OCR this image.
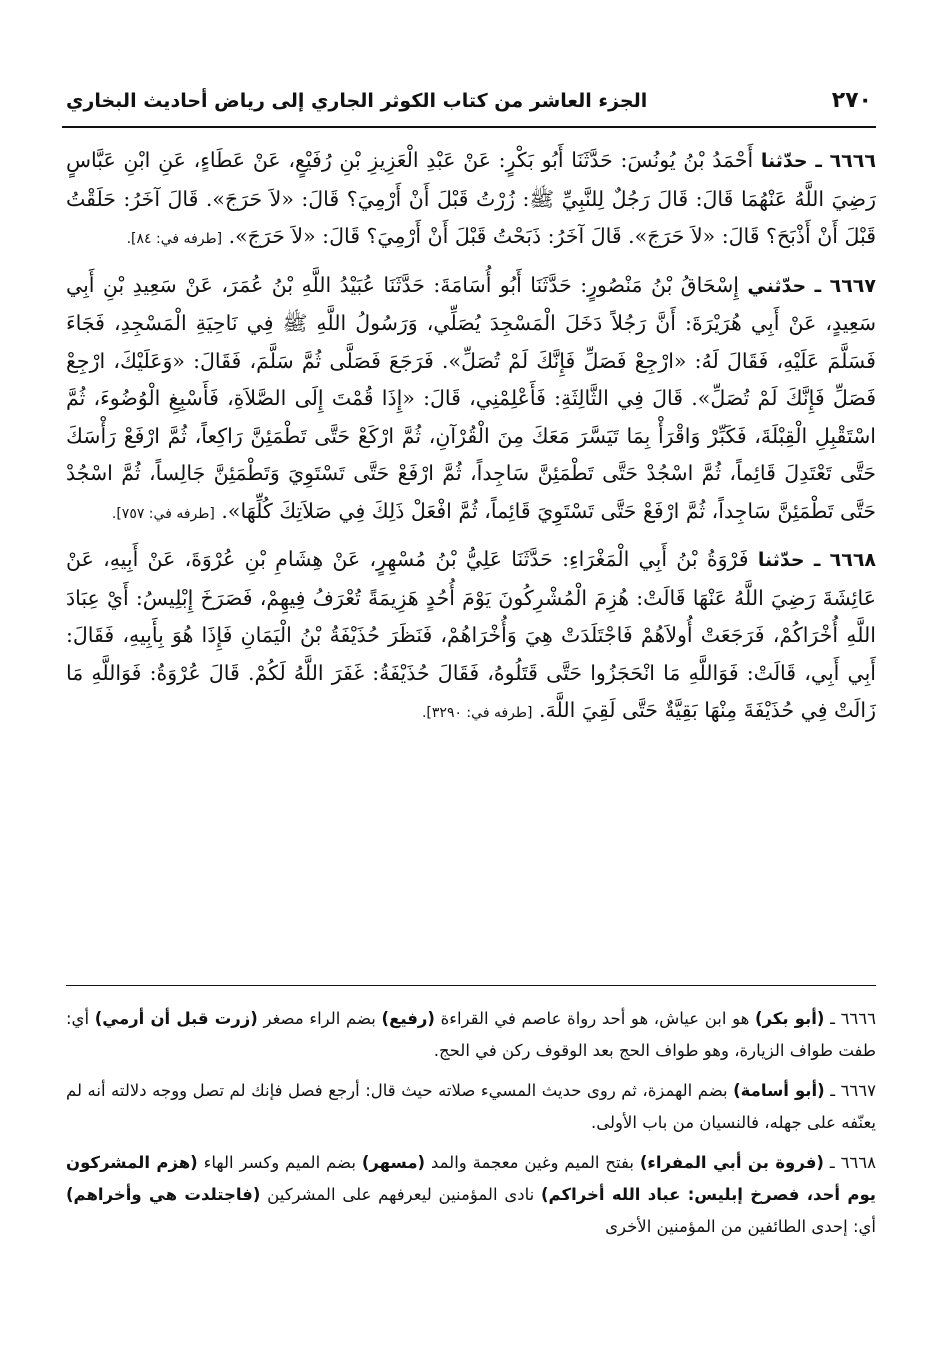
٢٧٠
الجزء العاشر من كتاب الكوثر الجاري إلى رياض أحاديث البخاري

٦٦٦٦ ـ حدّثنا أَحْمَدُ بْنُ يُونُسَ: حَدَّثَنَا أَبُو بَكْرٍ: عَنْ عَبْدِ الْعَزِيزِ بْنِ رُفَيْعٍ، عَنْ عَطَاءٍ، عَنِ ابْنِ عَبَّاسٍ رَضِيَ اللَّهُ عَنْهُمَا قَالَ: قَالَ رَجُلٌ لِلنَّبِيِّ ﷺ: زُرْتُ قَبْلَ أَنْ أَرْمِيَ؟ قَالَ: «لاَ حَرَجَ». قَالَ آخَرُ: حَلَقْتُ قَبْلَ أَنْ أَذْبَحَ؟ قَالَ: «لاَ حَرَجَ». قَالَ آخَرُ: ذَبَحْتُ قَبْلَ أَنْ أَرْمِيَ؟ قَالَ: «لاَ حَرَجَ». [طرفه في: ٨٤].

٦٦٦٧ ـ حدّثني إِسْحَاقُ بْنُ مَنْصُورٍ: حَدَّثَنَا أَبُو أُسَامَةَ: حَدَّثَنَا عُبَيْدُ اللَّهِ بْنُ عُمَرَ، عَنْ سَعِيدِ بْنِ أَبِي سَعِيدٍ، عَنْ أَبِي هُرَيْرَةَ: أَنَّ رَجُلاً دَخَلَ الْمَسْجِدَ يُصَلِّي، وَرَسُولُ اللَّهِ ﷺ فِي نَاحِيَةِ الْمَسْجِدِ، فَجَاءَ فَسَلَّمَ عَلَيْهِ، فَقَالَ لَهُ: «ارْجِعْ فَصَلِّ فَإِنَّكَ لَمْ تُصَلِّ». فَرَجَعَ فَصَلَّى ثُمَّ سَلَّمَ، فَقَالَ: «وَعَلَيْكَ، ارْجِعْ فَصَلِّ فَإِنَّكَ لَمْ تُصَلِّ». قَالَ فِي الثَّالِثَةِ: فَأَعْلِمْنِي، قَالَ: «إِذَا قُمْتَ إِلَى الصَّلاَةِ، فَأَسْبِغِ الْوُضُوءَ، ثُمَّ اسْتَقْبِلِ الْقِبْلَةَ، فَكَبِّرْ وَاقْرَأْ بِمَا تَيَسَّرَ مَعَكَ مِنَ الْقُرْآنِ، ثُمَّ ارْكَعْ حَتَّى تَطْمَئِنَّ رَاكِعاً، ثُمَّ ارْفَعْ رَأْسَكَ حَتَّى تَعْتَدِلَ قَائِماً، ثُمَّ اسْجُدْ حَتَّى تَطْمَئِنَّ سَاجِداً، ثُمَّ ارْفَعْ حَتَّى تَسْتَوِيَ وَتَطْمَئِنَّ جَالِساً، ثُمَّ اسْجُدْ حَتَّى تَطْمَئِنَّ سَاجِداً، ثُمَّ ارْفَعْ حَتَّى تَسْتَوِيَ قَائِماً، ثُمَّ افْعَلْ ذَلِكَ فِي صَلاَتِكَ كُلِّهَا». [طرفه في: ٧٥٧].

٦٦٦٨ ـ حدّثنا فَرْوَةُ بْنُ أَبِي الْمَغْرَاءِ: حَدَّثَنَا عَلِيُّ بْنُ مُسْهِرٍ، عَنْ هِشَامِ بْنِ عُرْوَةَ، عَنْ أَبِيهِ، عَنْ عَائِشَةَ رَضِيَ اللَّهُ عَنْهَا قَالَتْ: هُزِمَ الْمُشْرِكُونَ يَوْمَ أُحُدٍ هَزِيمَةً تُعْرَفُ فِيهِمْ، فَصَرَخَ إِبْلِيسُ: أَيْ عِبَادَ اللَّهِ أُخْرَاكُمْ، فَرَجَعَتْ أُولاَهُمْ فَاجْتَلَدَتْ هِيَ وَأُخْرَاهُمْ، فَنَظَرَ حُذَيْفَةُ بْنُ الْيَمَانِ فَإِذَا هُوَ بِأَبِيهِ، فَقَالَ: أَبِي أَبِي، قَالَتْ: فَوَاللَّهِ مَا انْحَجَزُوا حَتَّى قَتَلُوهُ، فَقَالَ حُذَيْفَةُ: غَفَرَ اللَّهُ لَكُمْ. قَالَ عُرْوَةُ: فَوَاللَّهِ مَا زَالَتْ فِي حُذَيْفَةَ مِنْهَا بَقِيَّةٌ حَتَّى لَقِيَ اللَّهَ. [طرفه في: ٣٢٩٠].

٦٦٦٦ ـ (أبو بكر) هو ابن عياش، هو أحد رواة عاصم في القراءة (رفيع) بضم الراء مصغر (زرت قبل أن أرمي) أي: طفت طواف الزيارة، وهو طواف الحج بعد الوقوف ركن في الحج.

٦٦٦٧ ـ (أبو أسامة) بضم الهمزة، ثم روى حديث المسيء صلاته حيث قال: أرجع فصل فإنك لم تصل ووجه دلالته أنه لم يعنّفه على جهله، فالنسيان من باب الأولى.

٦٦٦٨ ـ (فروة بن أبي المفراء) بفتح الميم وغين معجمة والمد (مسهر) بضم الميم وكسر الهاء (هزم المشركون يوم أحد، فصرخ إبليس: عباد الله أخراكم) نادى المؤمنين ليعرفهم على المشركين (فاجتلدت هي وأخراهم) أي: إحدى الطائفين من المؤمنين الأخرى
